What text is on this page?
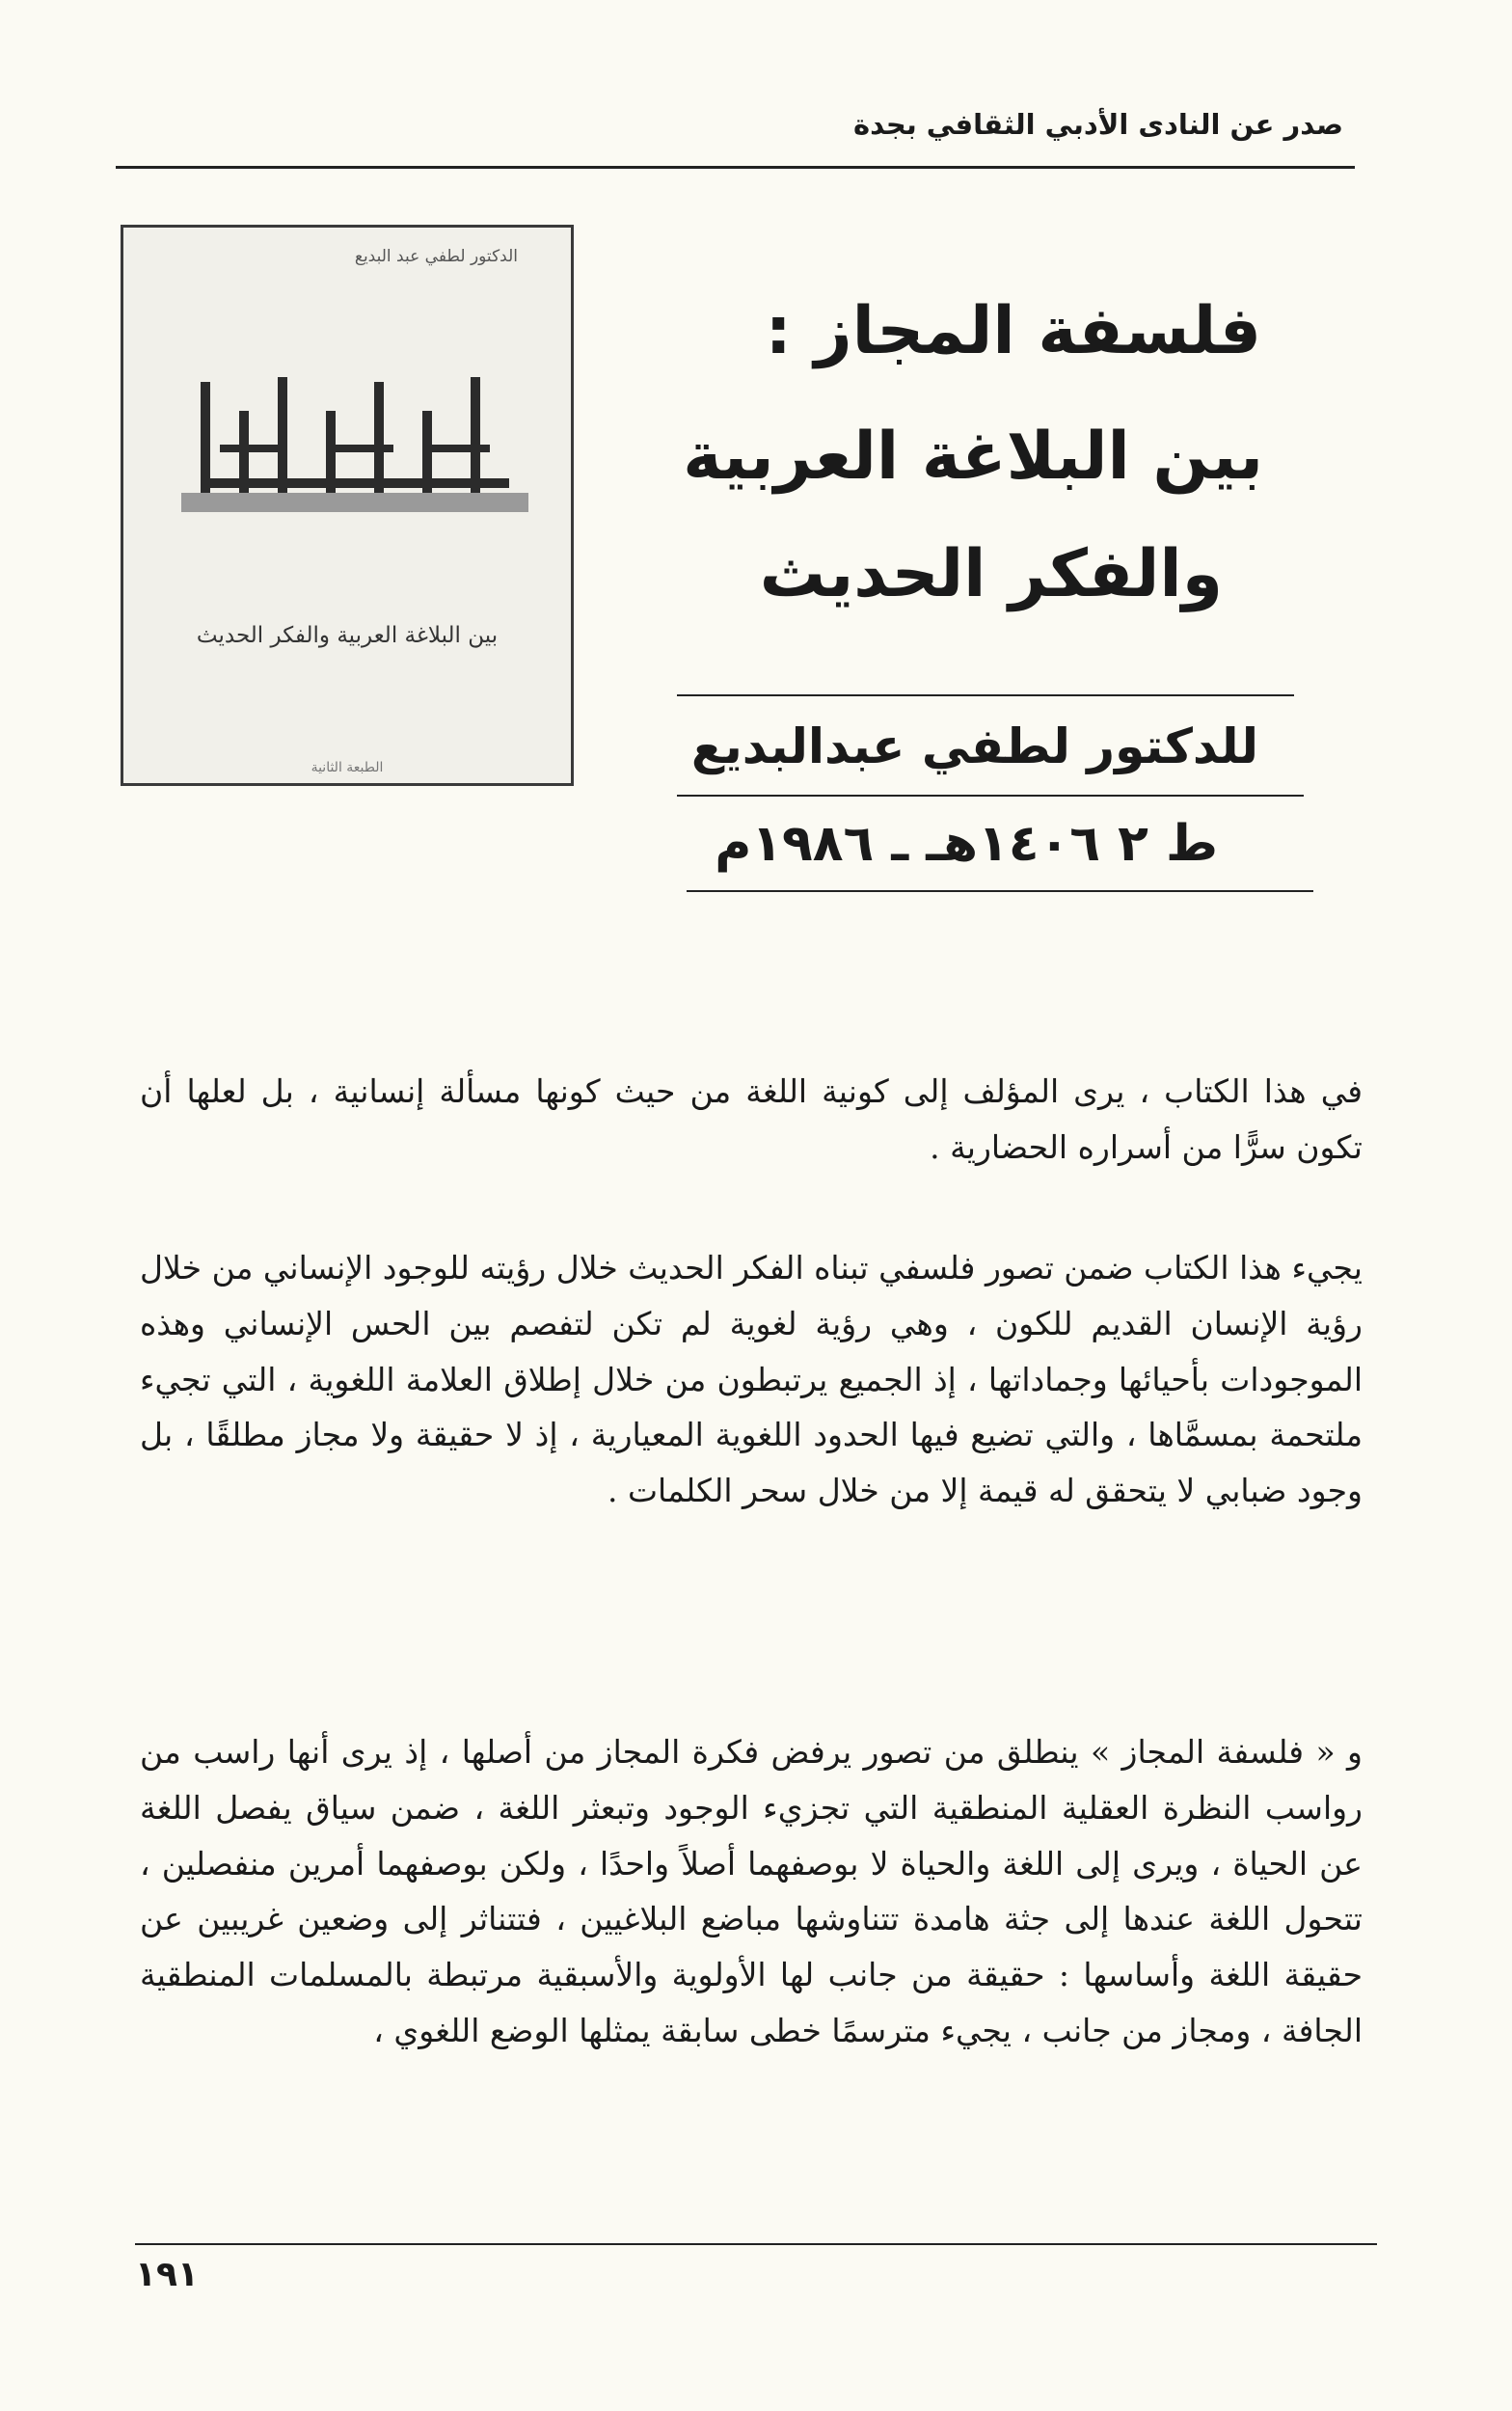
صدر عن النادى الأدبي الثقافي بجدة
الدكتور لطفي عبد البديع
بين البلاغة العربية والفكر الحديث
الطبعة الثانية
فلسفة المجاز :
بين البلاغة العربية
والفكر الحديث
للدكتور لطفي عبدالبديع
ط ٢ ١٤٠٦هـ ـ ١٩٨٦م

في هذا الكتاب ، يرى المؤلف إلى كونية اللغة من حيث كونها مسألة إنسانية ، بل لعلها أن تكون سرًّا من أسراره الحضارية .

يجيء هذا الكتاب ضمن تصور فلسفي تبناه الفكر الحديث خلال رؤيته للوجود الإنساني من خلال رؤية الإنسان القديم للكون ، وهي رؤية لغوية لم تكن لتفصم بين الحس الإنساني وهذه الموجودات بأحيائها وجماداتها ، إذ الجميع يرتبطون من خلال إطلاق العلامة اللغوية ، التي تجيء ملتحمة بمسمَّاها ، والتي تضيع فيها الحدود اللغوية المعيارية ، إذ لا حقيقة ولا مجاز مطلقًا ، بل وجود ضبابي لا يتحقق له قيمة إلا من خلال سحر الكلمات .

و « فلسفة المجاز » ينطلق من تصور يرفض فكرة المجاز من أصلها ، إذ يرى أنها راسب من رواسب النظرة العقلية المنطقية التي تجزيء الوجود وتبعثر اللغة ، ضمن سياق يفصل اللغة عن الحياة ، ويرى إلى اللغة والحياة لا بوصفهما أصلاً واحدًا ، ولكن بوصفهما أمرين منفصلين ، تتحول اللغة عندها إلى جثة هامدة تتناوشها مباضع البلاغيين ، فتتناثر إلى وضعين غريبين عن حقيقة اللغة وأساسها : حقيقة من جانب لها الأولوية والأسبقية مرتبطة بالمسلمات المنطقية الجافة ، ومجاز من جانب ، يجيء مترسمًا خطى سابقة يمثلها الوضع اللغوي ،

١٩١
